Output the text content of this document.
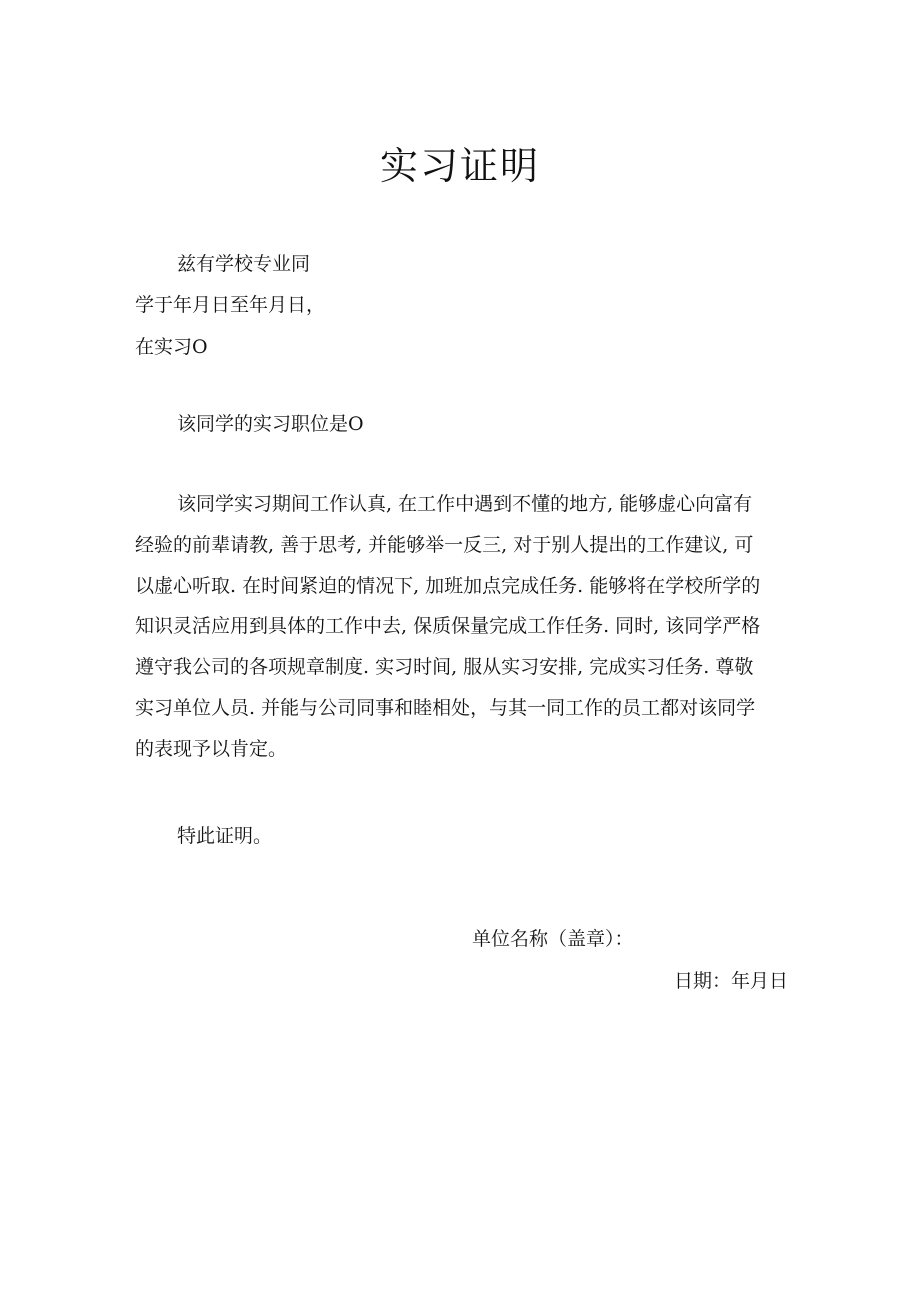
实习证明
兹有学校专业同
学于年月日至年月日，
在实习O
该同学的实习职位是O
该同学实习期间工作认真, 在工作中遇到不懂的地方, 能够虚心向富有
经验的前辈请教, 善于思考, 并能够举一反三, 对于别人提出的工作建议, 可
以虚心听取. 在时间紧迫的情况下, 加班加点完成任务. 能够将在学校所学的
知识灵活应用到具体的工作中去, 保质保量完成工作任务. 同时, 该同学严格
遵守我公司的各项规章制度. 实习时间, 服从实习安排, 完成实习任务. 尊敬
实习单位人员. 并能与公司同事和睦相处，与其一同工作的员工都对该同学
的表现予以肯定。
特此证明。
单位名称（盖章）：
日期：年月日
